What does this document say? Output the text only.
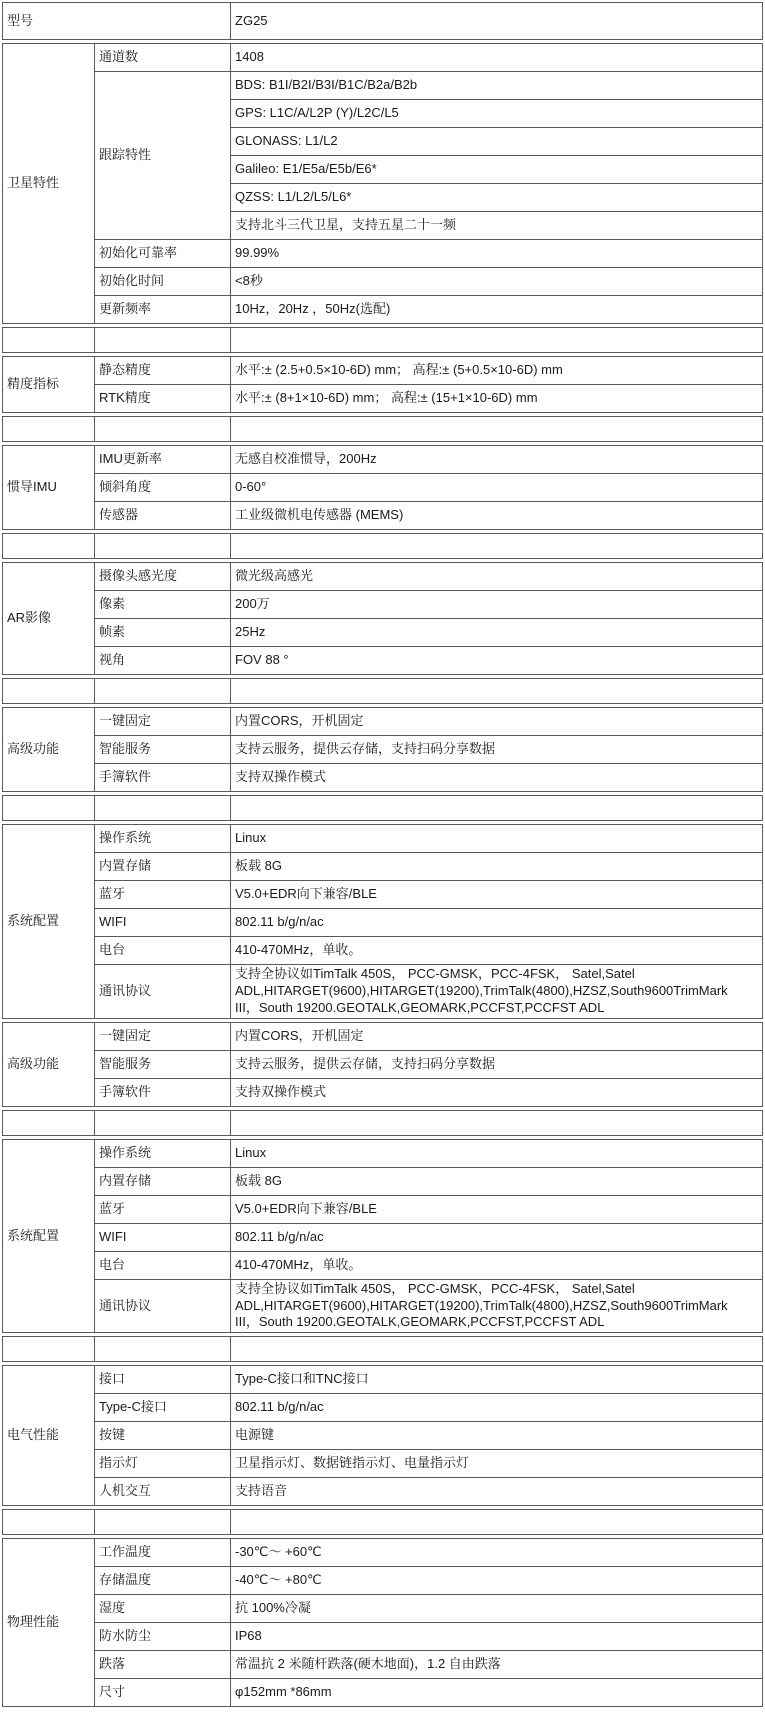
型号	ZG25
卫星特性	通道数	1408
	跟踪特性	BDS: B1I/B2I/B3I/B1C/B2a/B2b
		GPS: L1C/A/L2P (Y)/L2C/L5
		GLONASS: L1/L2
		Galileo: E1/E5a/E5b/E6*
		QZSS: L1/L2/L5/L6*
		支持北斗三代卫星，支持五星二十一频
	初始化可靠率	99.99%
	初始化时间	<8秒
	更新频率	10Hz，20Hz ，50Hz(选配)

精度指标	静态精度	水平:± (2.5+0.5×10-6D) mm； 高程:± (5+0.5×10-6D) mm
	RTK精度	水平:± (8+1×10-6D) mm； 高程:± (15+1×10-6D) mm

惯导IMU	IMU更新率	无感自校准惯导，200Hz
	倾斜角度	0-60°
	传感器	工业级微机电传感器 (MEMS)

AR影像	摄像头感光度	微光级高感光
	像素	200万
	帧素	25Hz
	视角	FOV 88 °

高级功能	一键固定	内置CORS，开机固定
	智能服务	支持云服务，提供云存储，支持扫码分享数据
	手簿软件	支持双操作模式

系统配置	操作系统	Linux
	内置存储	板载 8G
	蓝牙	V5.0+EDR向下兼容/BLE
	WIFI	802.11 b/g/n/ac
	电台	410-470MHz，单收。
	通讯协议	支持全协议如TimTalk 450S， PCC-GMSK，PCC-4FSK， Satel,Satel
ADL,HITARGET(9600),HITARGET(19200),TrimTalk(4800),HZSZ,South9600TrimMark
III，South 19200.GEOTALK,GEOMARK,PCCFST,PCCFST ADL
高级功能	一键固定	内置CORS，开机固定
	智能服务	支持云服务，提供云存储，支持扫码分享数据
	手簿软件	支持双操作模式

系统配置	操作系统	Linux
	内置存储	板载 8G
	蓝牙	V5.0+EDR向下兼容/BLE
	WIFI	802.11 b/g/n/ac
	电台	410-470MHz，单收。
	通讯协议	支持全协议如TimTalk 450S， PCC-GMSK，PCC-4FSK， Satel,Satel
ADL,HITARGET(9600),HITARGET(19200),TrimTalk(4800),HZSZ,South9600TrimMark
III，South 19200.GEOTALK,GEOMARK,PCCFST,PCCFST ADL

电气性能	接口	Type-C接口和TNC接口
	Type-C接口	802.11 b/g/n/ac
	按键	电源键
	指示灯	卫星指示灯、数据链指示灯、电量指示灯
	人机交互	支持语音

物理性能	工作温度	-30℃～ +60℃
	存储温度	-40℃～ +80℃
	湿度	抗 100%冷凝
	防水防尘	IP68
	跌落	常温抗 2 米随杆跌落(硬木地面)，1.2 自由跌落
	尺寸	φ152mm *86mm
